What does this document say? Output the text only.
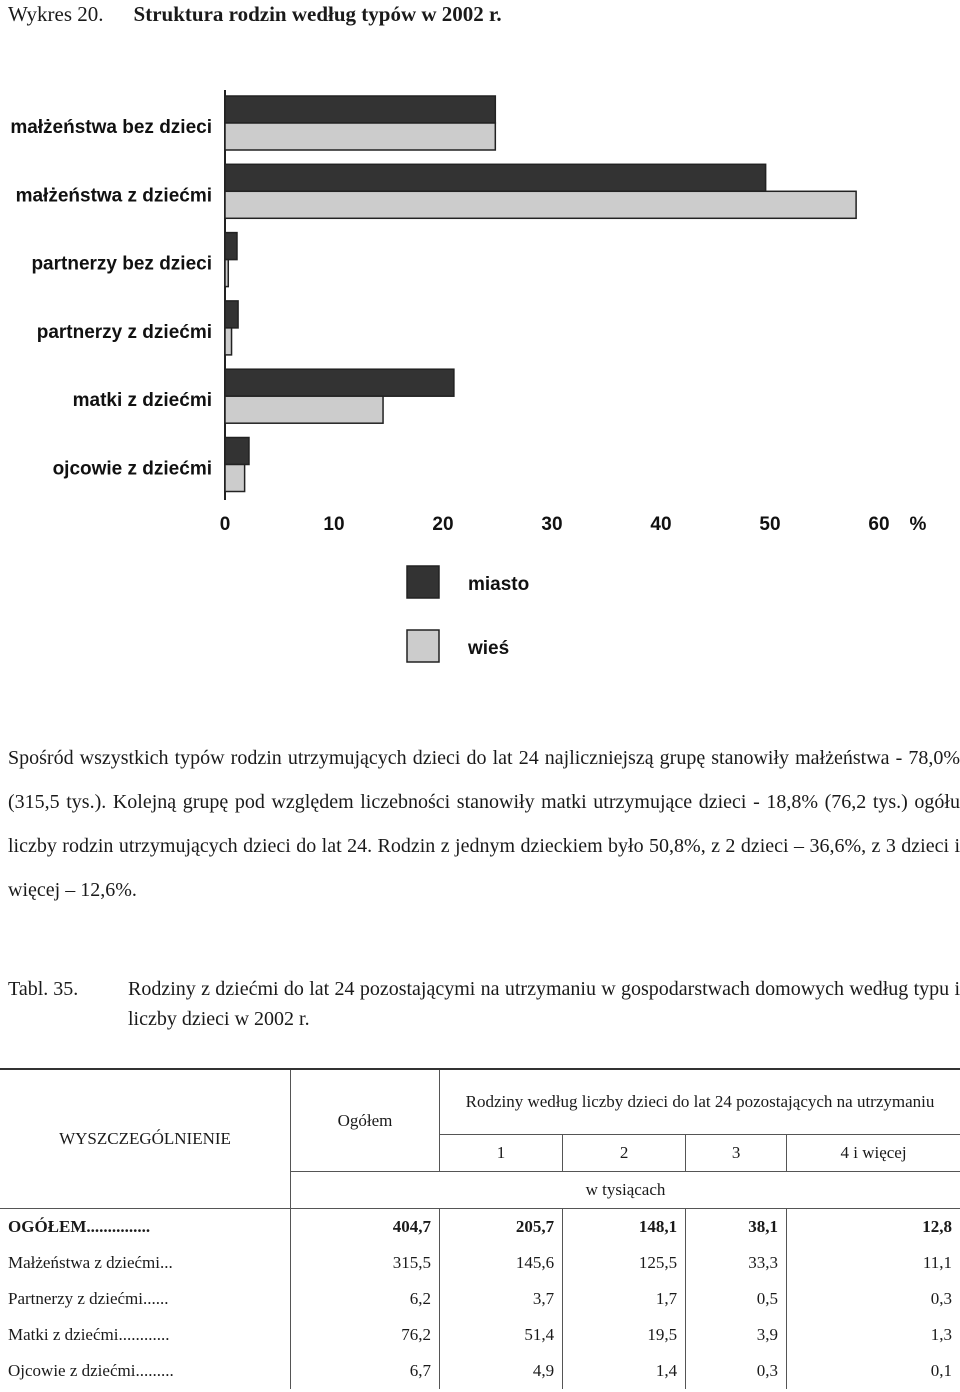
Wykres 20. Struktura rodzin według typów w 2002 r.
małżeństwa bez dzieci
małżeństwa z dziećmi
partnerzy bez dzieci
partnerzy z dziećmi
matki z dziećmi
ojcowie z dziećmi
0	10	20	30	40	50	60 %
miasto
wieś
Spośród wszystkich typów rodzin utrzymujących dzieci do lat 24 najliczniejszą grupę stanowiły małżeństwa - 78,0% (315,5 tys.). Kolejną grupę pod względem liczebności stanowiły matki utrzymujące dzieci - 18,8% (76,2 tys.) ogółu liczby rodzin utrzymujących dzieci do lat 24. Rodzin z jednym dzieckiem było 50,8%, z 2 dzieci – 36,6%, z 3 dzieci i więcej – 12,6%.
Tabl. 35. Rodziny z dziećmi do lat 24 pozostającymi na utrzymaniu w gospodarstwach domowych według typu i liczby dzieci w 2002 r.
WYSZCZEGÓLNIENIE	Ogółem	Rodziny według liczby dzieci do lat 24 pozostających na utrzymaniu			
		1	2	3	4 i więcej
	w tysiącach				
OGÓŁEM...............	404,7	205,7	148,1	38,1	12,8
Małżeństwa z dziećmi...	315,5	145,6	125,5	33,3	11,1
Partnerzy z dziećmi......	6,2	3,7	1,7	0,5	0,3
Matki z dziećmi............	76,2	51,4	19,5	3,9	1,3
Ojcowie z dziećmi.........	6,7	4,9	1,4	0,3	0,1
